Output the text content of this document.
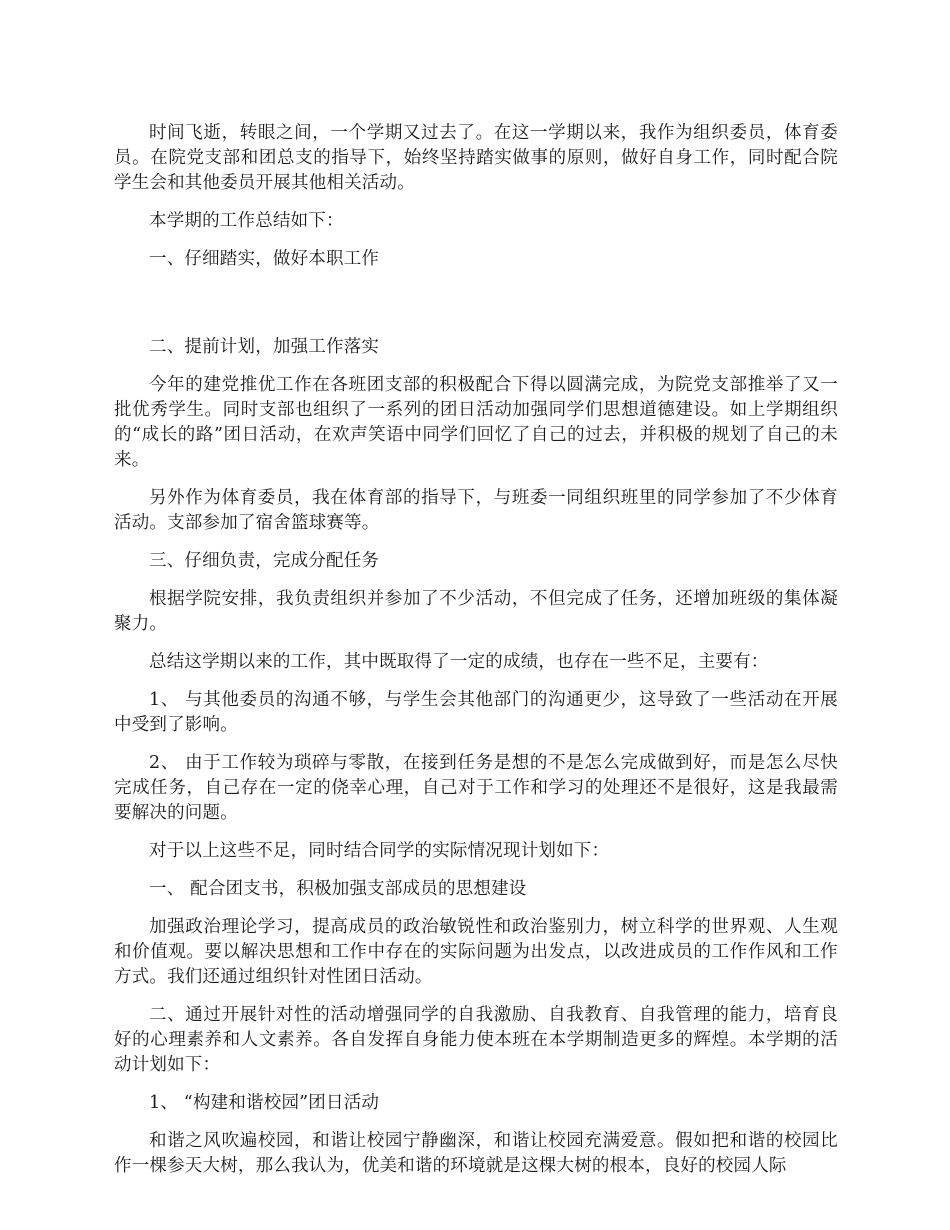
时间飞逝，转眼之间，一个学期又过去了。在这一学期以来，我作为组织委员，体育委员。在院党支部和团总支的指导下，始终坚持踏实做事的原则，做好自身工作，同时配合院学生会和其他委员开展其他相关活动。

本学期的工作总结如下：

一、仔细踏实，做好本职工作

二、提前计划，加强工作落实

今年的建党推优工作在各班团支部的积极配合下得以圆满完成，为院党支部推举了又一批优秀学生。同时支部也组织了一系列的团日活动加强同学们思想道德建设。如上学期组织的“成长的路”团日活动，在欢声笑语中同学们回忆了自己的过去，并积极的规划了自己的未来。

另外作为体育委员，我在体育部的指导下，与班委一同组织班里的同学参加了不少体育活动。支部参加了宿舍篮球赛等。

三、仔细负责，完成分配任务

根据学院安排，我负责组织并参加了不少活动，不但完成了任务，还增加班级的集体凝聚力。

总结这学期以来的工作，其中既取得了一定的成绩，也存在一些不足，主要有：

1、 与其他委员的沟通不够，与学生会其他部门的沟通更少，这导致了一些活动在开展中受到了影响。

2、 由于工作较为琐碎与零散，在接到任务是想的不是怎么完成做到好，而是怎么尽快完成任务，自己存在一定的侥幸心理，自己对于工作和学习的处理还不是很好，这是我最需要解决的问题。

对于以上这些不足，同时结合同学的实际情况现计划如下：

一、 配合团支书，积极加强支部成员的思想建设

加强政治理论学习，提高成员的政治敏锐性和政治鉴别力，树立科学的世界观、人生观和价值观。要以解决思想和工作中存在的实际问题为出发点，以改进成员的工作作风和工作方式。我们还通过组织针对性团日活动。

二、通过开展针对性的活动增强同学的自我激励、自我教育、自我管理的能力，培育良好的心理素养和人文素养。各自发挥自身能力使本班在本学期制造更多的辉煌。本学期的活动计划如下：

1、 “构建和谐校园”团日活动

和谐之风吹遍校园，和谐让校园宁静幽深，和谐让校园充满爱意。假如把和谐的校园比作一棵参天大树，那么我认为，优美和谐的环境就是这棵大树的根本，良好的校园人际
